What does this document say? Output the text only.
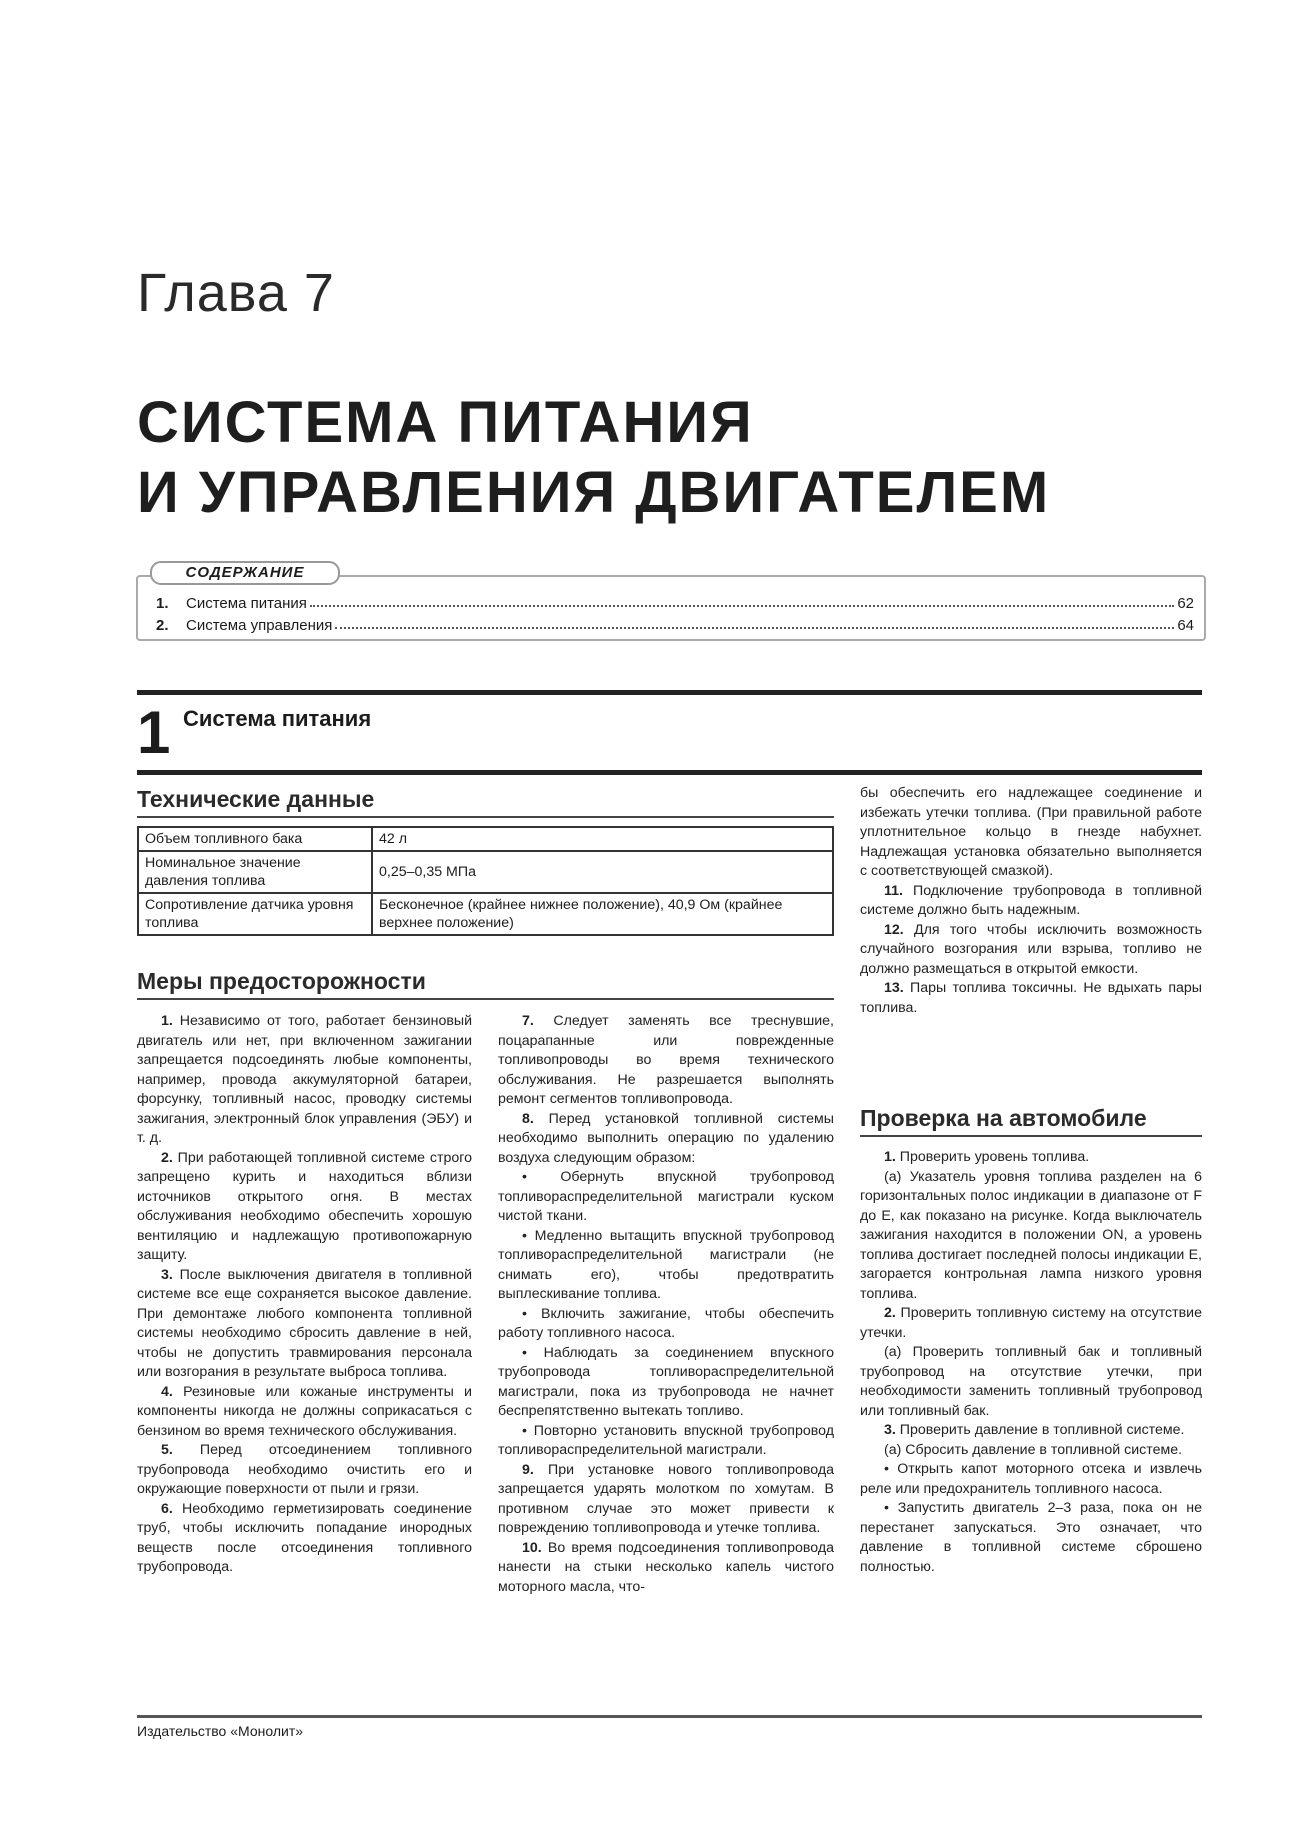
Глава 7
СИСТЕМА ПИТАНИЯ
И УПРАВЛЕНИЯ ДВИГАТЕЛЕМ
СОДЕРЖАНИЕ
1.	Система питания	62
2.	Система управления	64
1 Система питания
Технические данные
Объем топливного бака	42 л
Номинальное значение давления топлива	0,25–0,35 МПа
Сопротивление датчика уровня топлива	Бесконечное (крайнее нижнее положение), 40,9 Ом (крайнее верхнее положение)
Меры предосторожности

1. Независимо от того, работает бензиновый двигатель или нет, при включенном зажигании запрещается подсоединять любые компоненты, например, провода аккумуляторной батареи, форсунку, топливный насос, проводку системы зажигания, электронный блок управления (ЭБУ) и т. д.

2. При работающей топливной системе строго запрещено курить и находиться вблизи источников открытого огня. В местах обслуживания необходимо обеспечить хорошую вентиляцию и надлежащую противопожарную защиту.

3. После выключения двигателя в топливной системе все еще сохраняется высокое давление. При демонтаже любого компонента топливной системы необходимо сбросить давление в ней, чтобы не допустить травмирования персонала или возгорания в результате выброса топлива.

4. Резиновые или кожаные инструменты и компоненты никогда не должны соприкасаться с бензином во время технического обслуживания.

5. Перед отсоединением топливного трубопровода необходимо очистить его и окружающие поверхности от пыли и грязи.

6. Необходимо герметизировать соединение труб, чтобы исключить попадание инородных веществ после отсоединения топливного трубопровода.

7. Следует заменять все треснувшие, поцарапанные или поврежденные топливопроводы во время технического обслуживания. Не разрешается выполнять ремонт сегментов топливопровода.

8. Перед установкой топливной системы необходимо выполнить операцию по удалению воздуха следующим образом:

• Обернуть впускной трубопровод топливораспределительной магистрали куском чистой ткани.

• Медленно вытащить впускной трубопровод топливораспределительной магистрали (не снимать его), чтобы предотвратить выплескивание топлива.

• Включить зажигание, чтобы обеспечить работу топливного насоса.

• Наблюдать за соединением впускного трубопровода топливораспределительной магистрали, пока из трубопровода не начнет беспрепятственно вытекать топливо.

• Повторно установить впускной трубопровод топливораспределительной магистрали.

9. При установке нового топливопровода запрещается ударять молотком по хомутам. В противном случае это может привести к повреждению топливопровода и утечке топлива.

10. Во время подсоединения топливопровода нанести на стыки несколько капель чистого моторного масла, что-

бы обеспечить его надлежащее соединение и избежать утечки топлива. (При правильной работе уплотнительное кольцо в гнезде набухнет. Надлежащая установка обязательно выполняется с соответствующей смазкой).

11. Подключение трубопровода в топливной системе должно быть надежным.

12. Для того чтобы исключить возможность случайного возгорания или взрыва, топливо не должно размещаться в открытой емкости.

13. Пары топлива токсичны. Не вдыхать пары топлива.

Проверка на автомобиле

1. Проверить уровень топлива.

(a) Указатель уровня топлива разделен на 6 горизонтальных полос индикации в диапазоне от F до E, как показано на рисунке. Когда выключатель зажигания находится в положении ON, а уровень топлива достигает последней полосы индикации E, загорается контрольная лампа низкого уровня топлива.

2. Проверить топливную систему на отсутствие утечки.

(a) Проверить топливный бак и топливный трубопровод на отсутствие утечки, при необходимости заменить топливный трубопровод или топливный бак.

3. Проверить давление в топливной системе.

(a) Сбросить давление в топливной системе.

• Открыть капот моторного отсека и извлечь реле или предохранитель топливного насоса.

• Запустить двигатель 2–3 раза, пока он не перестанет запускаться. Это означает, что давление в топливной системе сброшено полностью.

Издательство «Монолит»
